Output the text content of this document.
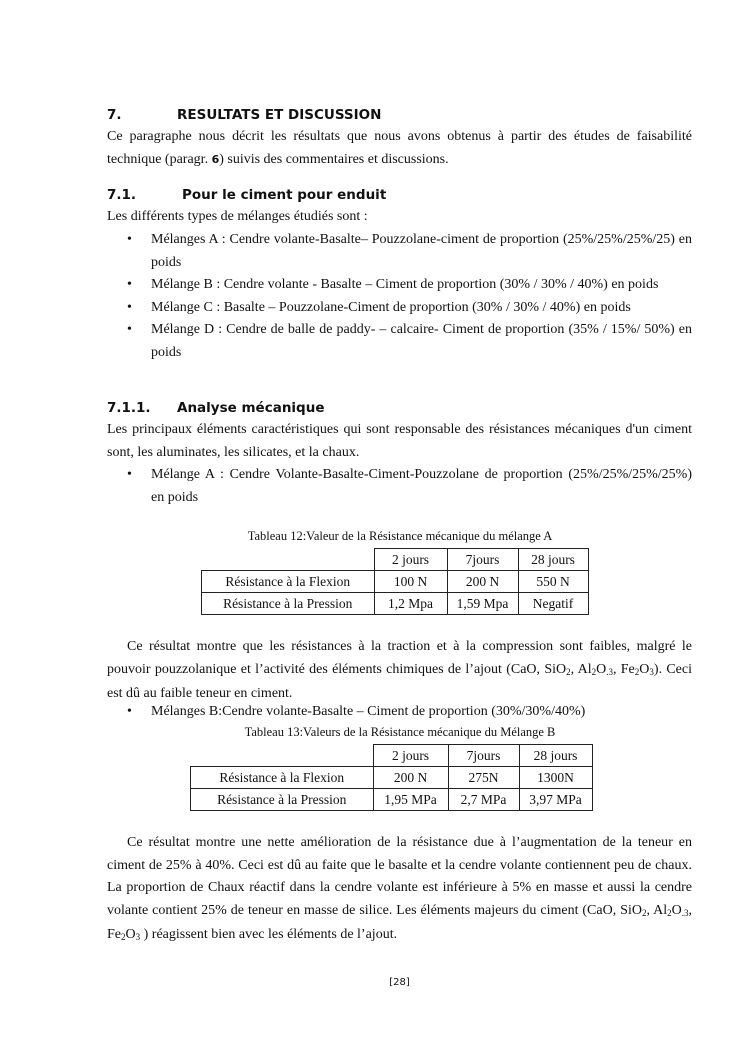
7.	RESULTATS ET DISCUSSION
Ce paragraphe nous décrit les résultats que nous avons obtenus à partir des études de faisabilité technique (paragr. 6) suivis des commentaires et discussions.
7.1.	Pour le ciment pour enduit
Les différents types de mélanges étudiés sont :
• Mélanges A : Cendre volante-Basalte– Pouzzolane-ciment de proportion (25%/25%/25%/25) en poids
• Mélange B : Cendre volante - Basalte – Ciment de proportion (30% / 30% / 40%) en poids
• Mélange C : Basalte – Pouzzolane-Ciment de proportion (30% / 30% / 40%) en poids
• Mélange D : Cendre de balle de paddy- – calcaire- Ciment de proportion (35% / 15%/ 50%) en poids
7.1.1. Analyse mécanique
Les principaux éléments caractéristiques qui sont responsable des résistances mécaniques d'un ciment sont, les aluminates, les silicates, et la chaux.
• Mélange A : Cendre Volante-Basalte-Ciment-Pouzzolane de proportion (25%/25%/25%/25%) en poids
Tableau 12:Valeur de la Résistance mécanique du mélange A
	2 jours	7jours	28 jours
Résistance à la Flexion	100 N	200 N	550 N
Résistance à la Pression	1,2 Mpa	1,59 Mpa	Negatif
Ce résultat montre que les résistances à la traction et à la compression sont faibles, malgré le pouvoir pouzzolanique et l’activité des éléments chimiques de l’ajout (CaO, SiO$_2$, $Al_2O_{.3}$, $Fe_2O_3$). Ceci est dû au faible teneur en ciment.
• Mélanges B:Cendre volante-Basalte – Ciment de proportion (30%/30%/40%)
Tableau 13:Valeurs de la Résistance mécanique du Mélange B
	2 jours	7jours	28 jours
Résistance à la Flexion	200 N	275N	1300N
Résistance à la Pression	1,95 MPa	2,7 MPa	3,97 MPa
Ce résultat montre une nette amélioration de la résistance due à l’augmentation de la teneur en ciment de 25% à 40%. Ceci est dû au faite que le basalte et la cendre volante contiennent peu de chaux. La proportion de Chaux réactif dans la cendre volante est inférieure à 5% en masse et aussi la cendre volante contient 25% de teneur en masse de silice. Les éléments majeurs du ciment (CaO, SiO$_2$, $Al_2O_{.3}$, $Fe_2O_3$ ) réagissent bien avec les éléments de l’ajout.
[28]
